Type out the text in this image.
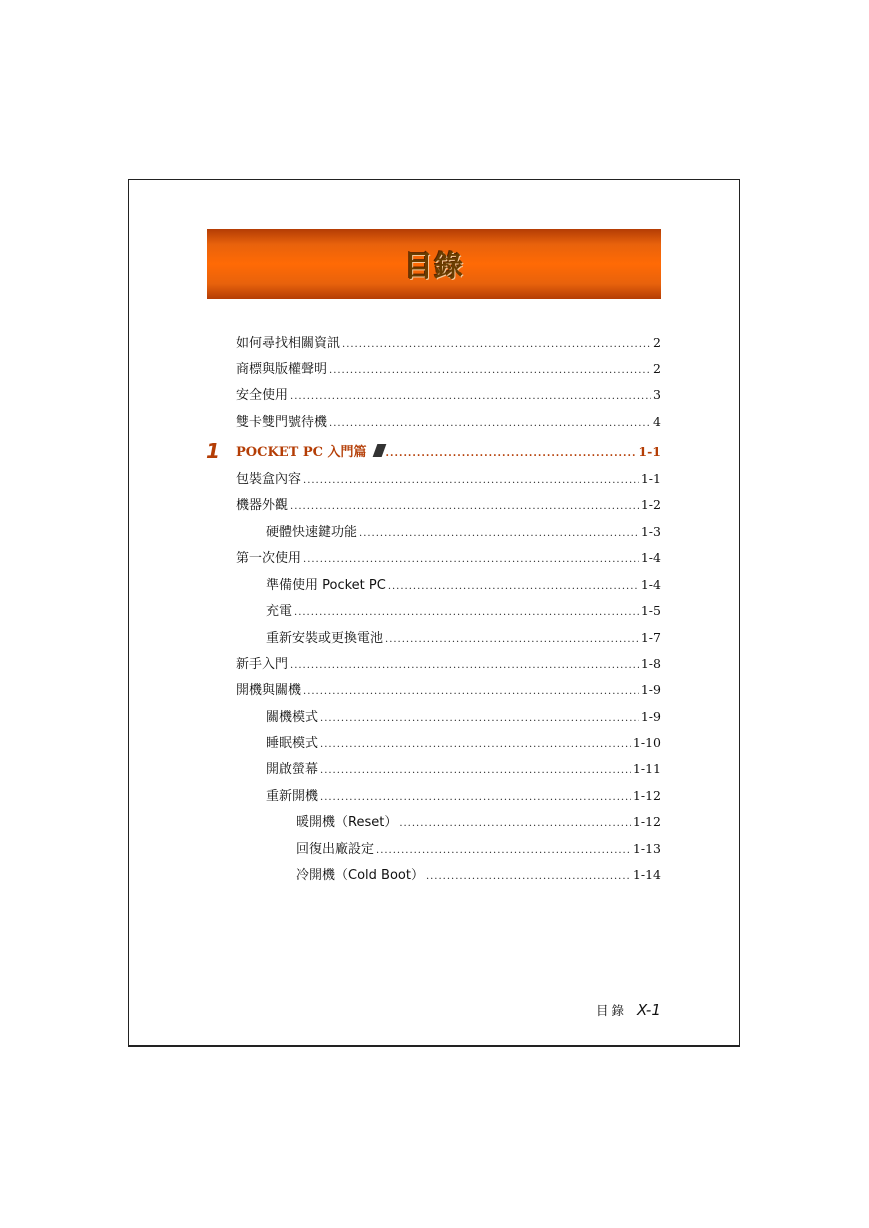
目錄
如何尋找相關資訊 .....	2
商標與版權聲明 .....	2
安全使用 .....	3
雙卡雙門號待機 .....	4
1 POCKET PC 入門篇 .....	1-1
包裝盒內容 .....	1-1
機器外觀 .....	1-2
硬體快速鍵功能 .....	1-3
第一次使用 .....	1-4
準備使用 Pocket PC .....	1-4
充電 .....	1-5
重新安裝或更換電池 .....	1-7
新手入門 .....	1-8
開機與關機 .....	1-9
關機模式 .....	1-9
睡眠模式 .....	1-10
開啟螢幕 .....	1-11
重新開機 .....	1-12
暖開機（Reset） .....	1-12
回復出廠設定 .....	1-13
冷開機（Cold Boot） .....	1-14
目錄 X-1
